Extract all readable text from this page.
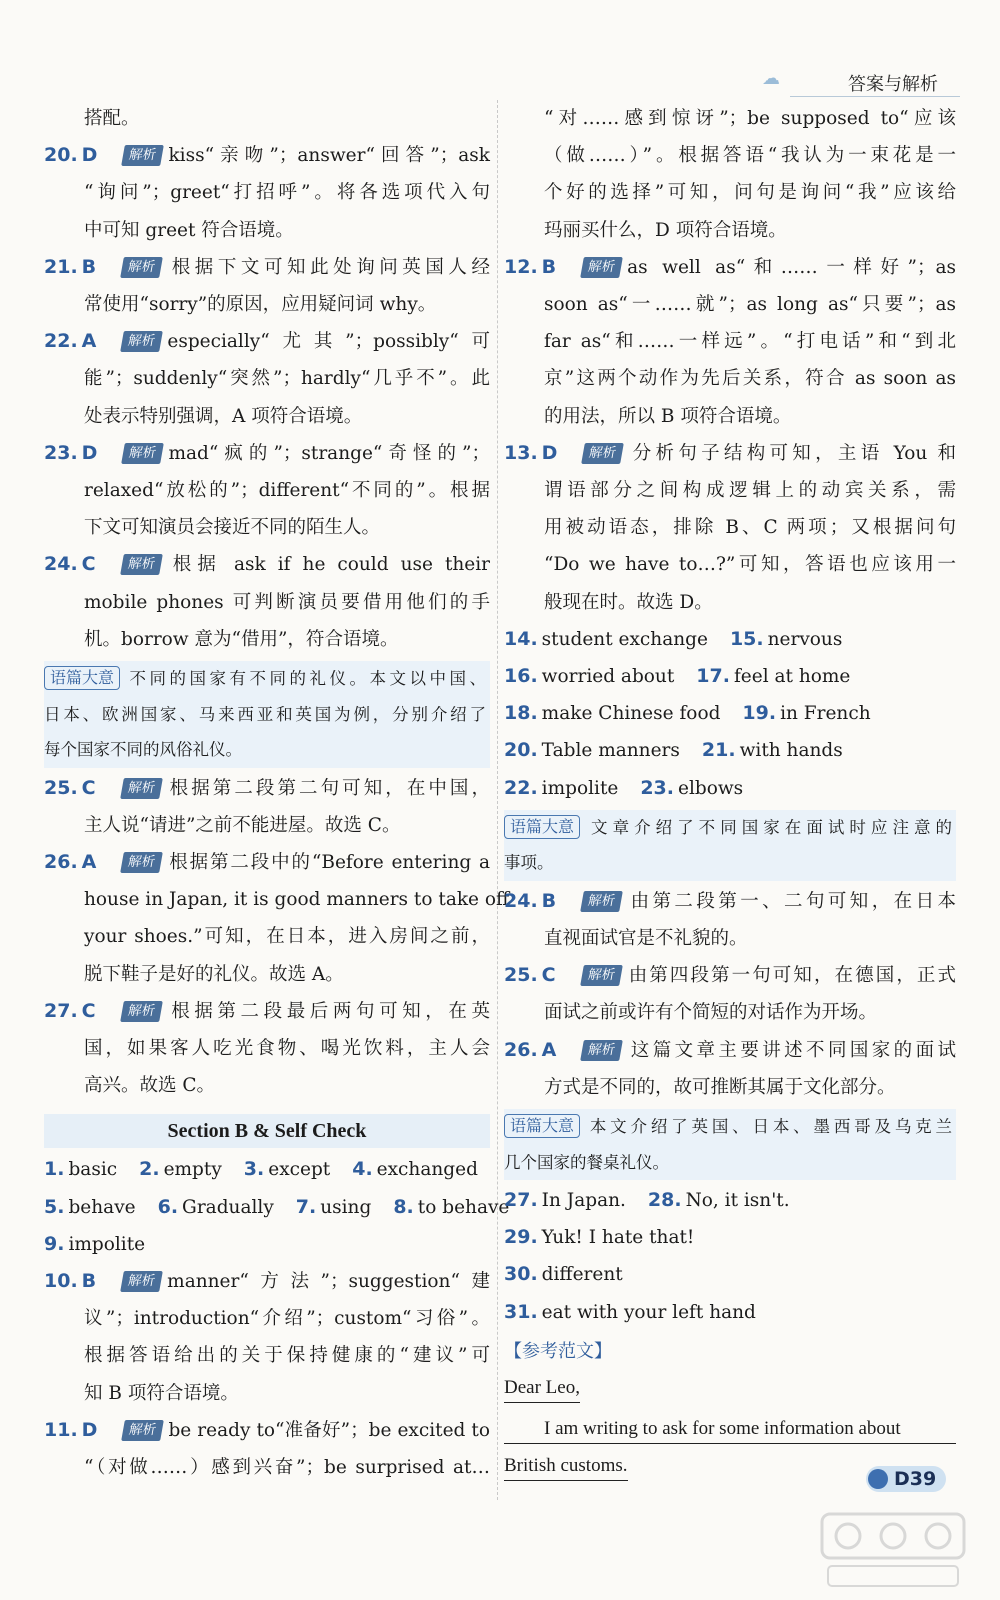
☁	答案与解析
搭配。
20. D 解析 kiss“亲吻”；answer“回答”；ask
“询问”；greet“打招呼”。将各选项代入句
中可知 greet 符合语境。
21. B 解析 根据下文可知此处询问英国人经
常使用“sorry”的原因，应用疑问词 why。
22. A 解析 especially“尤其”；possibly“可
能”；suddenly“突然”；hardly“几乎不”。此
处表示特别强调，A 项符合语境。
23. D 解析 mad“疯的”；strange“奇怪的”；
relaxed“放松的”；different“不同的”。根据
下文可知演员会接近不同的陌生人。
24. C 解析 根据 ask if he could use their
mobile phones 可判断演员要借用他们的手
机。borrow 意为“借用”，符合语境。
语篇大意 不同的国家有不同的礼仪。本文以中国、
日本、欧洲国家、马来西亚和英国为例，分别介绍了
每个国家不同的风俗礼仪。
25. C 解析 根据第二段第二句可知，在中国，
主人说“请进”之前不能进屋。故选 C。
26. A 解析 根据第二段中的“Before entering a
house in Japan, it is good manners to take off
your shoes.”可知，在日本，进入房间之前，
脱下鞋子是好的礼仪。故选 A。
27. C 解析 根据第二段最后两句可知，在英
国，如果客人吃光食物、喝光饮料，主人会
高兴。故选 C。
Section B & Self Check
1. basic 2. empty 3. except 4. exchanged
5. behave 6. Gradually 7. using 8. to behave
9. impolite
10. B 解析 manner“方法”；suggestion“建
议”；introduction“介绍”；custom“习俗”。
根据答语给出的关于保持健康的“建议”可
知 B 项符合语境。
11. D 解析 be ready to“准备好”；be excited to
“（对做……）感到兴奋”；be surprised at…
“对……感到惊讶”；be supposed to“应该
（做……）”。根据答语“我认为一束花是一
个好的选择”可知，问句是询问“我”应该给
玛丽买什么，D 项符合语境。
12. B 解析 as well as“和……一样好”；as
soon as“一……就”；as long as“只要”；as
far as“和……一样远”。“打电话”和“到北
京”这两个动作为先后关系，符合 as soon as
的用法，所以 B 项符合语境。
13. D 解析 分析句子结构可知，主语 You 和
谓语部分之间构成逻辑上的动宾关系，需
用被动语态，排除 B、C 两项；又根据问句
“Do we have to…?”可知，答语也应该用一
般现在时。故选 D。
14. student exchange 15. nervous
16. worried about 17. feel at home
18. make Chinese food 19. in French
20. Table manners 21. with hands
22. impolite 23. elbows
语篇大意 文章介绍了不同国家在面试时应注意的
事项。
24. B 解析 由第二段第一、二句可知，在日本
直视面试官是不礼貌的。
25. C 解析 由第四段第一句可知，在德国，正式
面试之前或许有个简短的对话作为开场。
26. A 解析 这篇文章主要讲述不同国家的面试
方式是不同的，故可推断其属于文化部分。
语篇大意 本文介绍了英国、日本、墨西哥及乌克兰
几个国家的餐桌礼仪。
27. In Japan. 28. No, it isn't.
29. Yuk! I hate that!
30. different
31. eat with your left hand
【参考范文】
Dear Leo,
I am writing to ask for some information about
British customs.
D39
